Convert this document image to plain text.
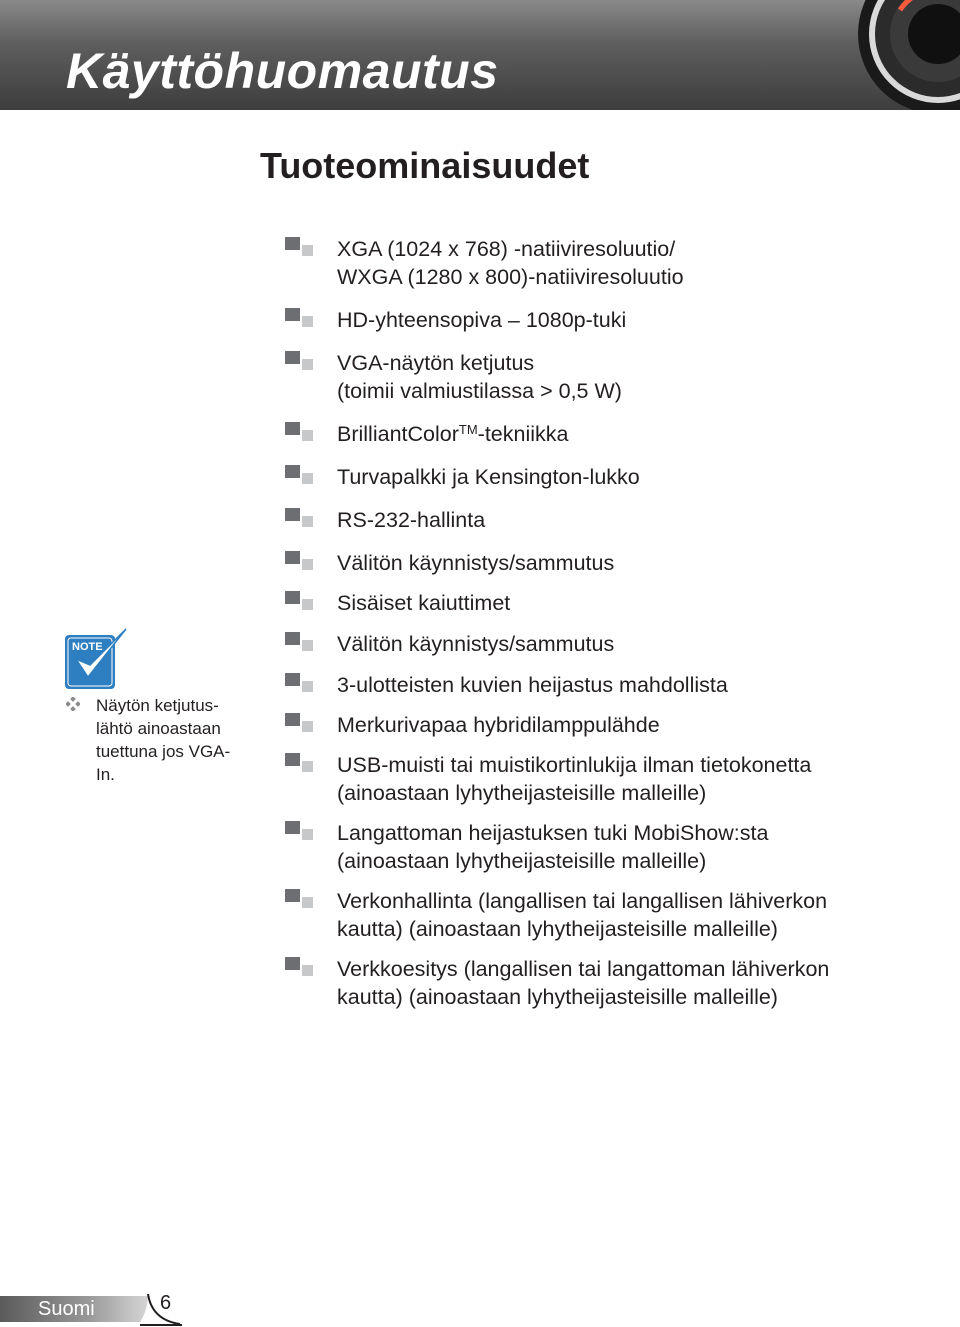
Käyttöhuomautus
Tuoteominaisuudet
XGA (1024 x 768) -natiiviresoluutio/
WXGA (1280 x 800)-natiiviresoluutio
HD-yhteensopiva – 1080p-tuki
VGA-näytön ketjutus
(toimii valmiustilassa > 0,5 W)
BrilliantColor™-tekniikka
Turvapalkki ja Kensington-lukko
RS-232-hallinta
Välitön käynnistys/sammutus
Sisäiset kaiuttimet
Välitön käynnistys/sammutus
3-ulotteisten kuvien heijastus mahdollista
Merkurivapaa hybridilamppulähde
USB-muisti tai muistikortinlukija ilman tietokonetta
(ainoastaan lyhytheijasteisille malleille)
Langattoman heijastuksen tuki MobiShow:sta
(ainoastaan lyhytheijasteisille malleille)
Verkonhallinta (langallisen tai langallisen lähiverkon
kautta) (ainoastaan lyhytheijasteisille malleille)
Verkkoesitys (langallisen tai langattoman lähiverkon
kautta) (ainoastaan lyhytheijasteisille malleille)
NOTE
Näytön ketjutus-
lähtö ainoastaan
tuettuna jos VGA-
In.
Suomi	6
